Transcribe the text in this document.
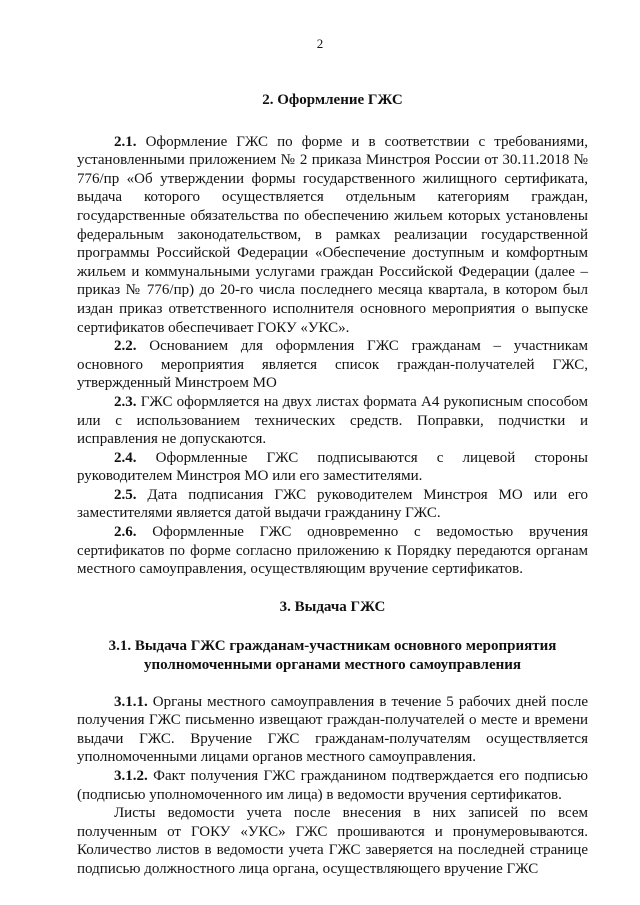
2
2. Оформление ГЖС

2.1. Оформление ГЖС по форме и в соответствии с требованиями, установленными приложением № 2 приказа Минстроя России от 30.11.2018 № 776/пр «Об утверждении формы государственного жилищного сертификата, выдача которого осуществляется отдельным категориям граждан, государственные обязательства по обеспечению жильем которых установлены федеральным законодательством, в рамках реализации государственной программы Российской Федерации «Обеспечение доступным и комфортным жильем и коммунальными услугами граждан Российской Федерации (далее – приказ № 776/пр) до 20-го числа последнего месяца квартала, в котором был издан приказ ответственного исполнителя основного мероприятия о выпуске сертификатов обеспечивает ГОКУ «УКС».

2.2. Основанием для оформления ГЖС гражданам – участникам основного мероприятия является список граждан-получателей ГЖС, утвержденный Минстроем МО

2.3. ГЖС оформляется на двух листах формата А4 рукописным способом или с использованием технических средств. Поправки, подчистки и исправления не допускаются.

2.4. Оформленные ГЖС подписываются с лицевой стороны руководителем Минстроя МО или его заместителями.

2.5. Дата подписания ГЖС руководителем Минстроя МО или его заместителями является датой выдачи гражданину ГЖС.

2.6. Оформленные ГЖС одновременно с ведомостью вручения сертификатов по форме согласно приложению к Порядку передаются органам местного самоуправления, осуществляющим вручение сертификатов.

3. Выдача ГЖС
3.1. Выдача ГЖС гражданам-участникам основного мероприятия уполномоченными органами местного самоуправления

3.1.1. Органы местного самоуправления в течение 5 рабочих дней после получения ГЖС письменно извещают граждан-получателей о месте и времени выдачи ГЖС. Вручение ГЖС гражданам-получателям осуществляется уполномоченными лицами органов местного самоуправления.

3.1.2. Факт получения ГЖС гражданином подтверждается его подписью (подписью уполномоченного им лица) в ведомости вручения сертификатов.

Листы ведомости учета после внесения в них записей по всем полученным от ГОКУ «УКС» ГЖС прошиваются и пронумеровываются. Количество листов в ведомости учета ГЖС заверяется на последней странице подписью должностного лица органа, осуществляющего вручение ГЖС
